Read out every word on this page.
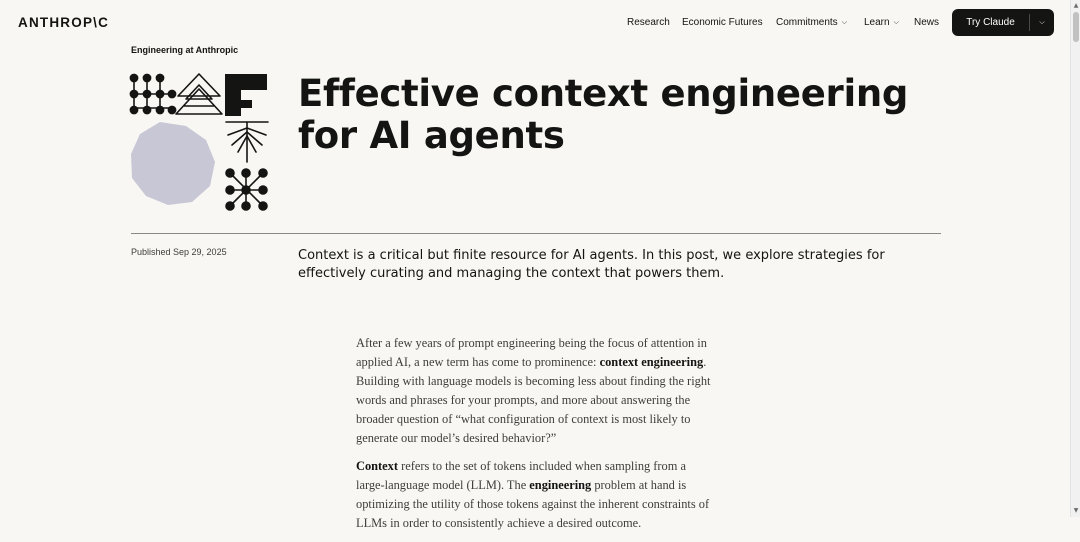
ANTHROP\C	Research Economic Futures Commitments ⌵ Learn ⌵ News	Try Claude	⌵
▲
▼
Engineering at Anthropic
Effective context engineering
for AI agents
Published Sep 29, 2025	Context is a critical but finite resource for AI agents. In this post, we explore strategies for effectively curating and managing the context that powers them.

After a few years of prompt engineering being the focus of attention in applied AI, a new term has come to prominence: context engineering. Building with language models is becoming less about finding the right words and phrases for your prompts, and more about answering the broader question of “what configuration of context is most likely to generate our model’s desired behavior?”

Context refers to the set of tokens included when sampling from a large-language model (LLM). The engineering problem at hand is optimizing the utility of those tokens against the inherent constraints of LLMs in order to consistently achieve a desired outcome.
